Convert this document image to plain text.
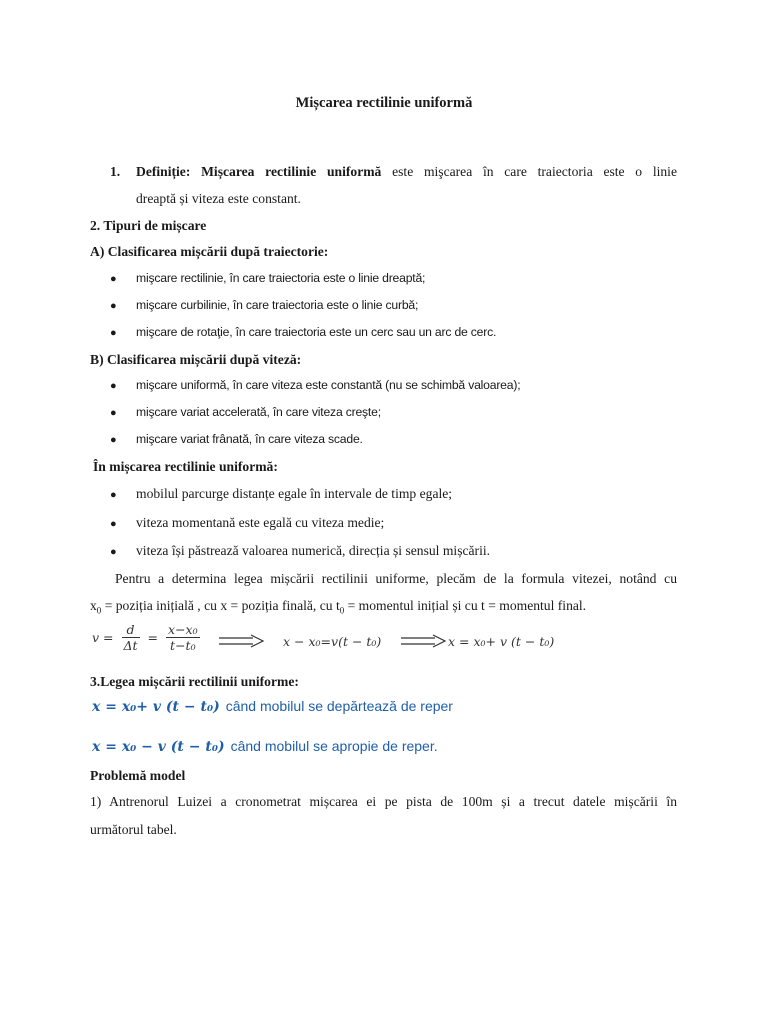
Mișcarea rectilinie uniformă
1. Definiție: Mișcarea rectilinie uniformă este mişcarea în care traiectoria este o linie
dreaptă și viteza este constant.
2. Tipuri de mișcare
A) Clasificarea mișcării după traiectorie:
● mişcare rectilinie, în care traiectoria este o linie dreaptă;
● mişcare curbilinie, în care traiectoria este o linie curbă;
● mişcare de rotaţie, în care traiectoria este un cerc sau un arc de cerc.
B) Clasificarea mișcării după viteză:
● mişcare uniformă, în care viteza este constantă (nu se schimbă valoarea);
● mişcare variat accelerată, în care viteza creşte;
● mişcare variat frânată, în care viteza scade.
În mișcarea rectilinie uniformă:
● mobilul parcurge distanțe egale în intervale de timp egale;
● viteza momentană este egală cu viteza medie;
● viteza își păstrează valoarea numerică, direcția și sensul mișcării.
Pentru a determina legea mișcării rectilinii uniforme, plecăm de la formula vitezei, notând cu
$x_0$ = poziția inițială , cu x = poziția finală, cu $t_0$ = momentul inițial și cu t = momentul final.
$v = \frac{d}{\Delta t} = \frac{\text{x−x₀}}{\text{t−t₀}}$	x − x₀=v(t − t₀)	x = x₀+ v (t − t₀)
3.Legea mișcării rectilinii uniforme:
x = x₀+ v (t − t₀) când mobilul se depărtează de reper
x = x₀ − v (t − t₀) când mobilul se apropie de reper.
Problemă model
1) Antrenorul Luizei a cronometrat mișcarea ei pe pista de 100m și a trecut datele mișcării în
următorul tabel.
